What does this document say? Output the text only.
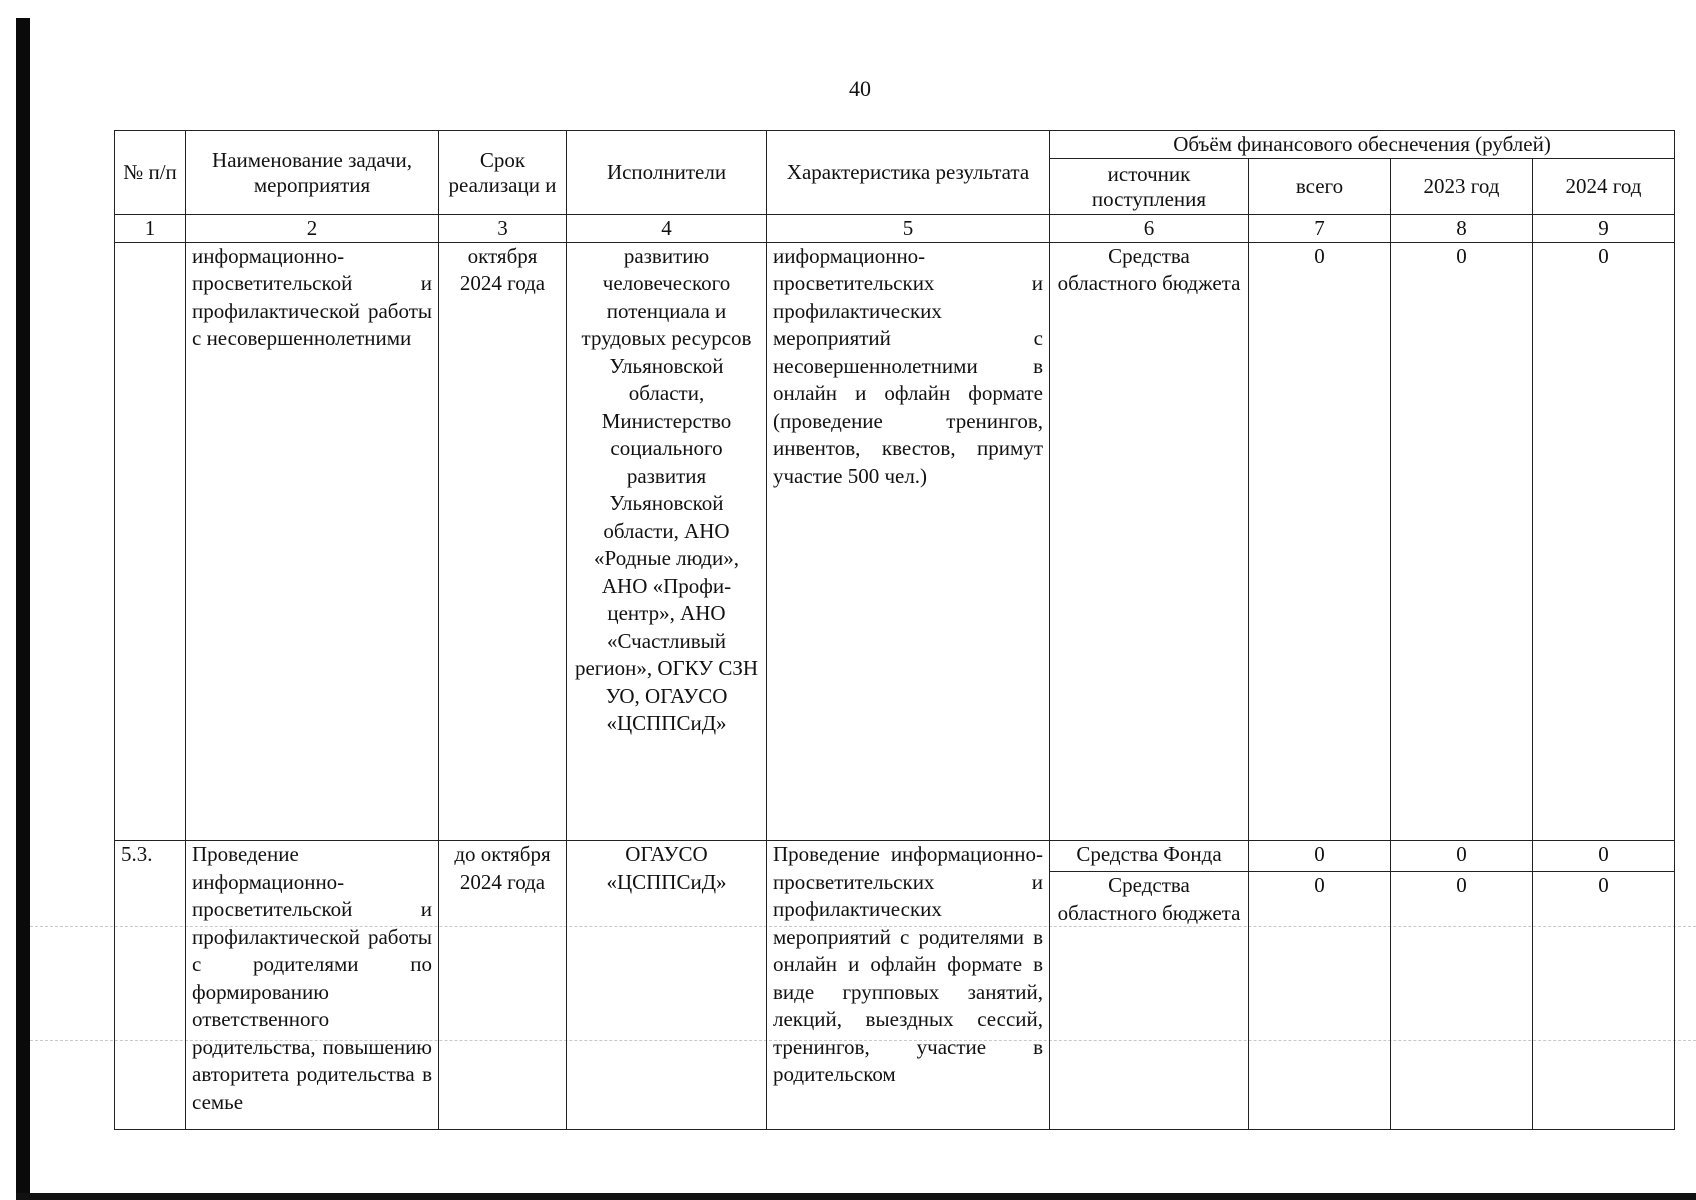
40
№ п/п	Наименование задачи, мероприятия	Срок реализаци и	Исполнители	Характеристика результата	Объём финансового обеснечения (рублей)			
					источник поступления	всего	2023 год	2024 год
1	2	3	4	5	6	7	8	9
	информационно-просветительской и профилактической работы с несовершеннолетними	октября 2024 года	развитию человеческого потенциала и трудовых ресурсов Ульяновской области, Министерство социального развития Ульяновской области, АНО «Родные люди», АНО «Профи-центр», АНО «Счастливый регион», ОГКУ СЗН УО, ОГАУСО «ЦСППСиД»	ииформационно-просветительских и профилактических мероприятий с несовершеннолетними в онлайн и офлайн формате (проведение тренингов, инвентов, квестов, примут участие 500 чел.)	Средства областного бюджета	0	0	0
5.3.	Проведение информационно-просветительской и профилактической работы с родителями по формированию ответственного родительства, повышению авторитета родительства в семье	до октября 2024 года	ОГАУСО «ЦСППСиД»	Проведение информационно-просветительских и профилактических мероприятий с родителями в онлайн и офлайн формате в виде групповых занятий, лекций, выездных сессий, тренингов, участие в родительском	Средства Фонда	0	0	0
					Средства областного бюджета	0	0	0
